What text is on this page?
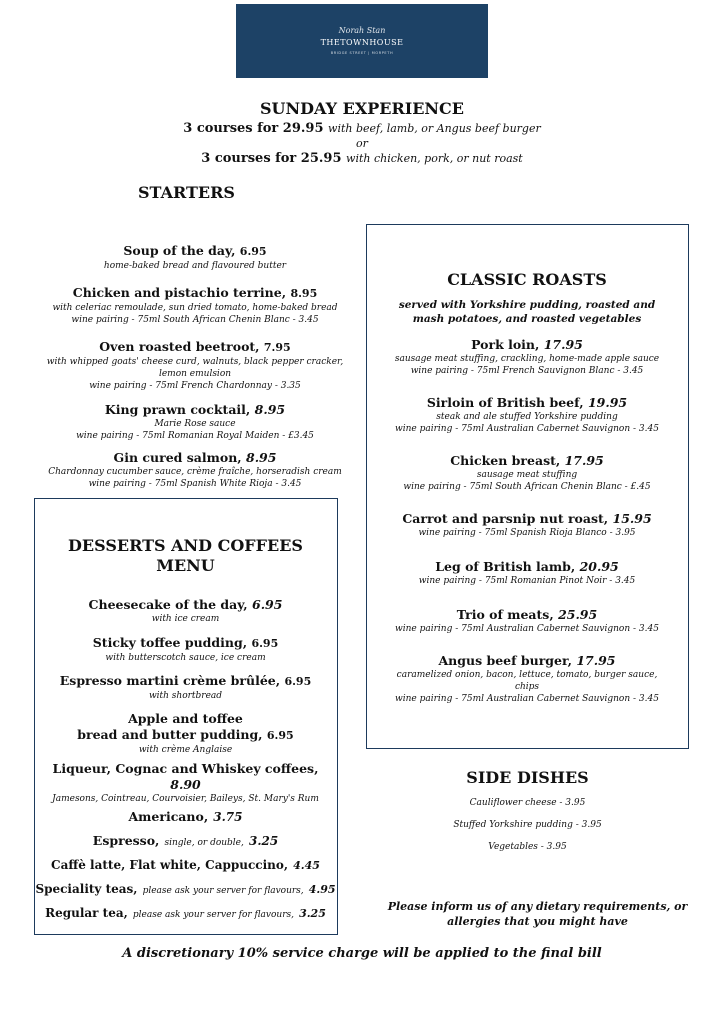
Norah Stan
THETOWNHOUSE
BRIDGE STREET | MORPETH
SUNDAY EXPERIENCE
3 courses for 29.95 with beef, lamb, or Angus beef burger
or
3 courses for 25.95 with chicken, pork, or nut roast
STARTERS
Soup of the day, 6.95
home-baked bread and flavoured butter
Chicken and pistachio terrine, 8.95
with celeriac remoulade, sun dried tomato, home-baked bread
wine pairing - 75ml South African Chenin Blanc - 3.45
Oven roasted beetroot, 7.95
with whipped goats' cheese curd, walnuts, black pepper cracker,
lemon emulsion
wine pairing - 75ml French Chardonnay - 3.35
King prawn cocktail, 8.95
Marie Rose sauce
wine pairing - 75ml Romanian Royal Maiden - £3.45
Gin cured salmon, 8.95
Chardonnay cucumber sauce, crème fraîche, horseradish cream
wine pairing - 75ml Spanish White Rioja - 3.45
DESSERTS AND COFFEES
MENU
Cheesecake of the day, 6.95
with ice cream
Sticky toffee pudding, 6.95
with butterscotch sauce, ice cream
Espresso martini crème brûlée, 6.95
with shortbread
Apple and toffee
bread and butter pudding, 6.95
with crème Anglaise
Liqueur, Cognac and Whiskey coffees,
8.90
Jamesons, Cointreau, Courvoisier, Baileys, St. Mary's Rum
Americano, 3.75
Espresso, single, or double, 3.25
Caffè latte, Flat white, Cappuccino, 4.45
Speciality teas, please ask your server for flavours, 4.95
Regular tea, please ask your server for flavours, 3.25
CLASSIC ROASTS
served with Yorkshire pudding, roasted and
mash potatoes, and roasted vegetables
Pork loin, 17.95
sausage meat stuffing, crackling, home-made apple sauce
wine pairing - 75ml French Sauvignon Blanc - 3.45
Sirloin of British beef, 19.95
steak and ale stuffed Yorkshire pudding
wine pairing - 75ml Australian Cabernet Sauvignon - 3.45
Chicken breast, 17.95
sausage meat stuffing
wine pairing - 75ml South African Chenin Blanc - £.45
Carrot and parsnip nut roast, 15.95
wine pairing - 75ml Spanish Rioja Blanco - 3.95
Leg of British lamb, 20.95
wine pairing - 75ml Romanian Pinot Noir - 3.45
Trio of meats, 25.95
wine pairing - 75ml Australian Cabernet Sauvignon - 3.45
Angus beef burger, 17.95
caramelized onion, bacon, lettuce, tomato, burger sauce,
chips
wine pairing - 75ml Australian Cabernet Sauvignon - 3.45
SIDE DISHES
Cauliflower cheese - 3.95
Stuffed Yorkshire pudding - 3.95
Vegetables - 3.95
Please inform us of any dietary requirements, or
allergies that you might have
A discretionary 10% service charge will be applied to the final bill
